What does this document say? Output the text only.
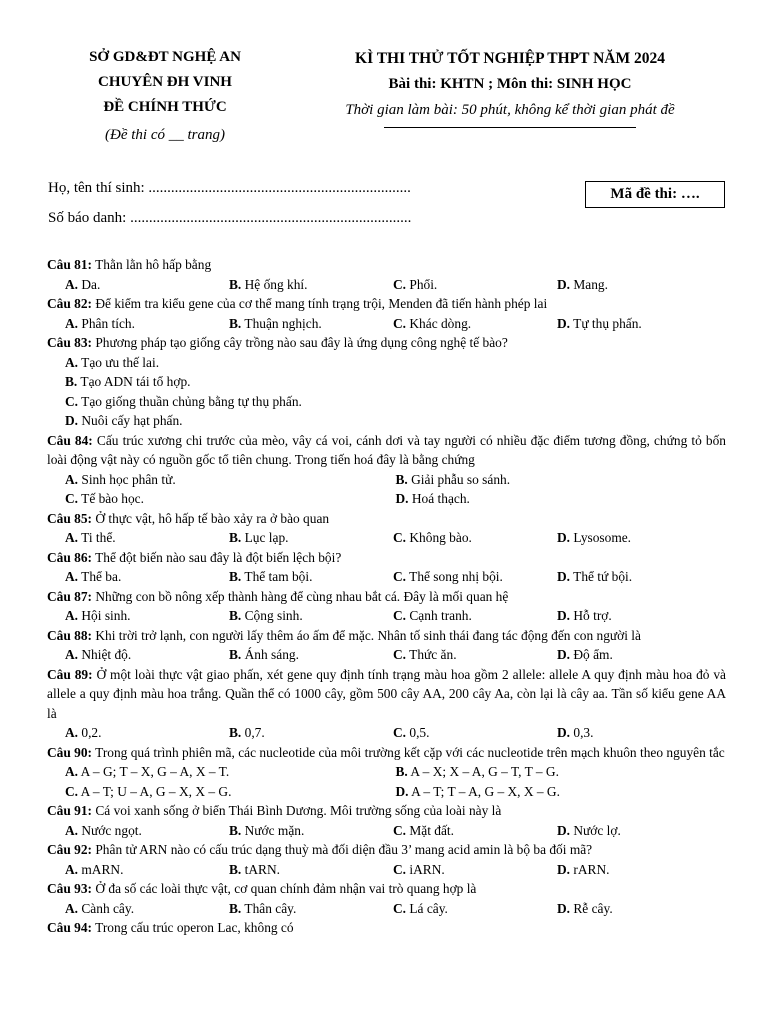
SỞ GD&ĐT NGHỆ AN
CHUYÊN ĐH VINH
ĐỀ CHÍNH THỨC
(Đề thi có __ trang)
KÌ THI THỬ TỐT NGHIỆP THPT NĂM 2024
Bài thi: KHTN ; Môn thi: SINH HỌC
Thời gian làm bài: 50 phút, không kể thời gian phát đề
Họ, tên thí sinh: ......................................................................
Số báo danh: ...........................................................................
Mã đề thi: ….
Câu 81: Thằn lằn hô hấp bằng
A. Da.	B. Hệ ống khí.	C. Phổi.	D. Mang.
Câu 82: Để kiểm tra kiểu gene của cơ thể mang tính trạng trội, Menden đã tiến hành phép lai
A. Phân tích.	B. Thuận nghịch.	C. Khác dòng.	D. Tự thụ phấn.
Câu 83: Phương pháp tạo giống cây trồng nào sau đây là ứng dụng công nghệ tế bào?
A. Tạo ưu thế lai.
B. Tạo ADN tái tổ hợp.
C. Tạo giống thuần chủng bằng tự thụ phấn.
D. Nuôi cấy hạt phấn.
Câu 84: Cấu trúc xương chi trước của mèo, vây cá voi, cánh dơi và tay người có nhiều đặc điểm tương đồng, chứng tỏ bốn loài động vật này có nguồn gốc tổ tiên chung. Trong tiến hoá đây là bằng chứng
A. Sinh học phân tử.	B. Giải phẫu so sánh.
C. Tế bào học.	D. Hoá thạch.
Câu 85: Ở thực vật, hô hấp tế bào xảy ra ở bào quan
A. Ti thể.	B. Lục lạp.	C. Không bào.	D. Lysosome.
Câu 86: Thể đột biến nào sau đây là đột biến lệch bội?
A. Thể ba.	B. Thể tam bội.	C. Thể song nhị bội.	D. Thể tứ bội.
Câu 87: Những con bồ nông xếp thành hàng để cùng nhau bắt cá. Đây là mối quan hệ
A. Hội sinh.	B. Cộng sinh.	C. Cạnh tranh.	D. Hỗ trợ.
Câu 88: Khi trời trở lạnh, con người lấy thêm áo ấm để mặc. Nhân tố sinh thái đang tác động đến con người là
A. Nhiệt độ.	B. Ánh sáng.	C. Thức ăn.	D. Độ ẩm.
Câu 89: Ở một loài thực vật giao phấn, xét gene quy định tính trạng màu hoa gồm 2 allele: allele A quy định màu hoa đỏ và allele a quy định màu hoa trắng. Quần thể có 1000 cây, gồm 500 cây AA, 200 cây Aa, còn lại là cây aa. Tần số kiểu gene AA là
A. 0,2.	B. 0,7.	C. 0,5.	D. 0,3.
Câu 90: Trong quá trình phiên mã, các nucleotide của môi trường kết cặp với các nucleotide trên mạch khuôn theo nguyên tắc
A. A – G; T – X, G – A, X – T.	B. A – X; X – A, G – T, T – G.
C. A – T; U – A, G – X, X – G.	D. A – T; T – A, G – X, X – G.
Câu 91: Cá voi xanh sống ở biển Thái Bình Dương. Môi trường sống của loài này là
A. Nước ngọt.	B. Nước mặn.	C. Mặt đất.	D. Nước lợ.
Câu 92: Phân tử ARN nào có cấu trúc dạng thuỳ mà đối diện đầu 3’ mang acid amin là bộ ba đối mã?
A. mARN.	B. tARN.	C. iARN.	D. rARN.
Câu 93: Ở đa số các loài thực vật, cơ quan chính đảm nhận vai trò quang hợp là
A. Cành cây.	B. Thân cây.	C. Lá cây.	D. Rễ cây.
Câu 94: Trong cấu trúc operon Lac, không có
